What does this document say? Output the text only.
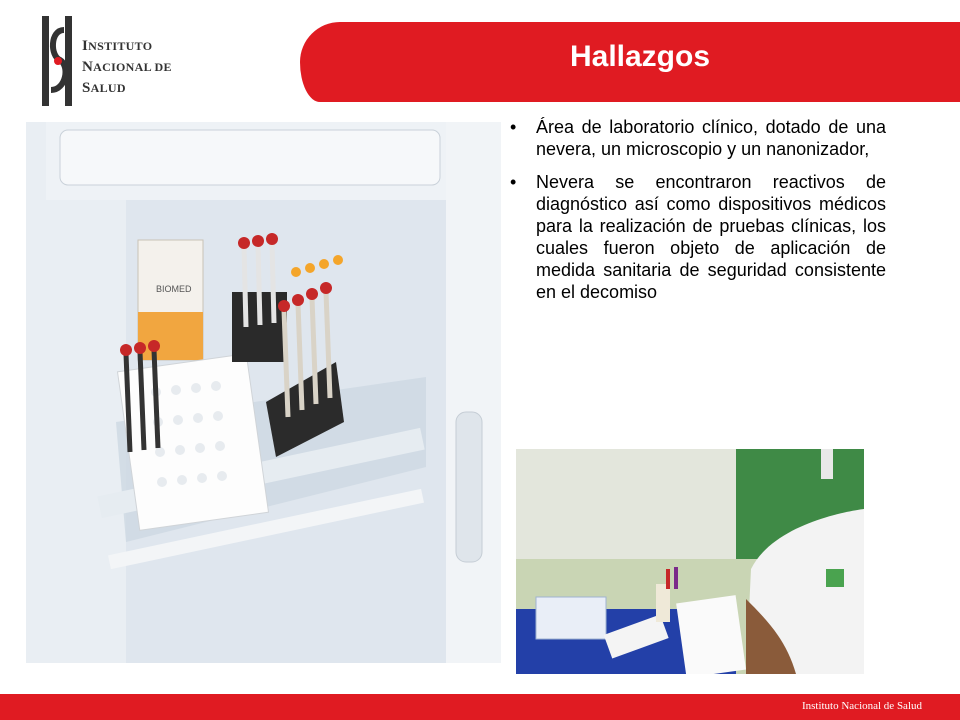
INSTITUTO
NACIONAL DE
SALUD
Hallazgos
BIOMED
• Área de laboratorio clínico, dotado de una nevera, un microscopio y un nanonizador,
• Nevera se encontraron reactivos de diagnóstico así como dispositivos médicos para la realización de pruebas clínicas, los cuales fueron objeto de aplicación de medida sanitaria de seguridad consistente en el decomiso
Instituto Nacional de Salud
